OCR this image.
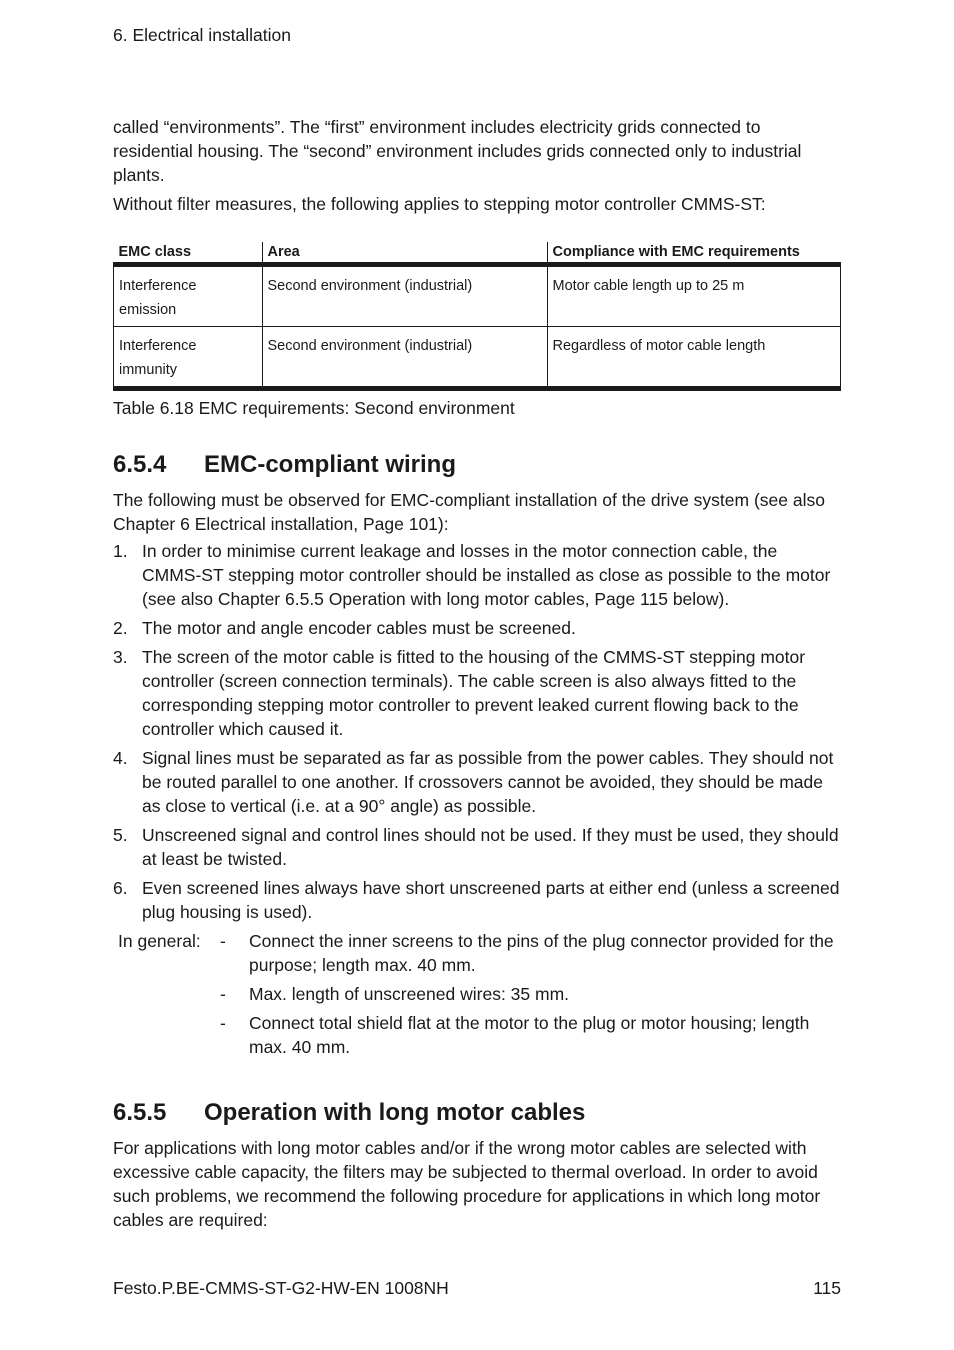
6. Electrical installation

called “environments”. The “first” environment includes electricity grids connected to residential housing. The “second” environment includes grids connected only to industrial plants.

Without filter measures, the following applies to stepping motor controller CMMS-ST:

EMC class	Area	Compliance with EMC requirements
Interference emission	Second environment (industrial)	Motor cable length up to 25 m
Interference immunity	Second environment (industrial)	Regardless of motor cable length
Table 6.18 EMC requirements: Second environment
6.5.4	EMC-compliant wiring

The following must be observed for EMC-compliant installation of the drive system (see also Chapter 6 Electrical installation, Page 101):

1. In order to minimise current leakage and losses in the motor connection cable, the CMMS-ST stepping motor controller should be installed as close as possible to the motor (see also Chapter 6.5.5 Operation with long motor cables, Page 115 below).
2. The motor and angle encoder cables must be screened.
3. The screen of the motor cable is fitted to the housing of the CMMS-ST stepping motor controller (screen connection terminals). The cable screen is also always fitted to the corresponding stepping motor controller to prevent leaked current flowing back to the controller which caused it.
4. Signal lines must be separated as far as possible from the power cables. They should not be routed parallel to one another. If crossovers cannot be avoided, they should be made as close to vertical (i.e. at a 90° angle) as possible.
5. Unscreened signal and control lines should not be used. If they must be used, they should at least be twisted.
6. Even screened lines always have short unscreened parts at either end (unless a screened plug housing is used).
In general:	-	Connect the inner screens to the pins of the plug connector provided for the purpose; length max. 40 mm.
-	Max. length of unscreened wires: 35 mm.
-	Connect total shield flat at the motor to the plug or motor housing; length max. 40 mm.
6.5.5	Operation with long motor cables

For applications with long motor cables and/or if the wrong motor cables are selected with excessive cable capacity, the filters may be subjected to thermal overload. In order to avoid such problems, we recommend the following procedure for applications in which long motor cables are required:

Festo.P.BE-CMMS-ST-G2-HW-EN 1008NH	115
